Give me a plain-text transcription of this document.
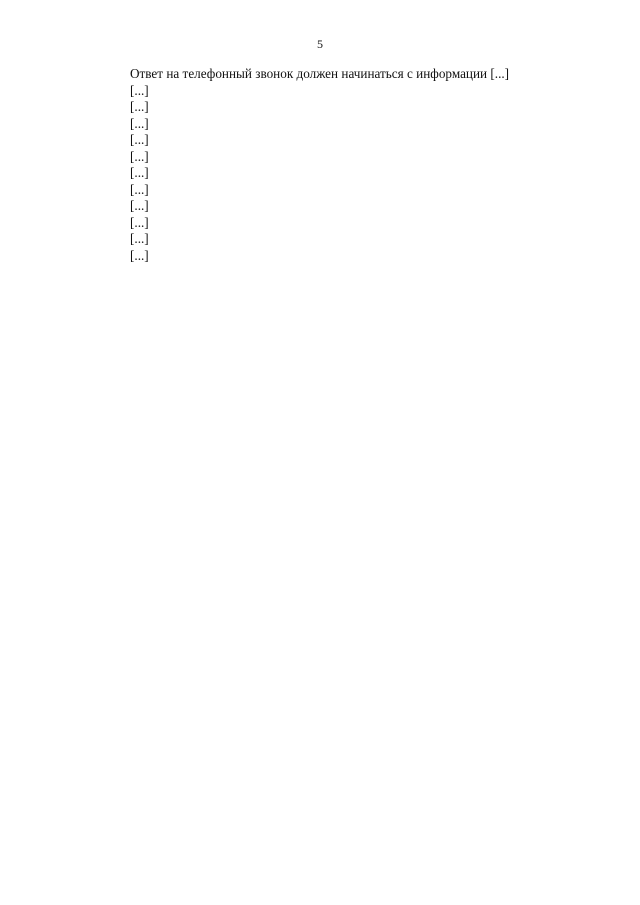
5

Ответ на телефонный звонок должен начинаться с информации [...]

[...]

[...]

[...]

[...]

[...]

[...]

[...]

[...]

[...]

[...]

[...]
